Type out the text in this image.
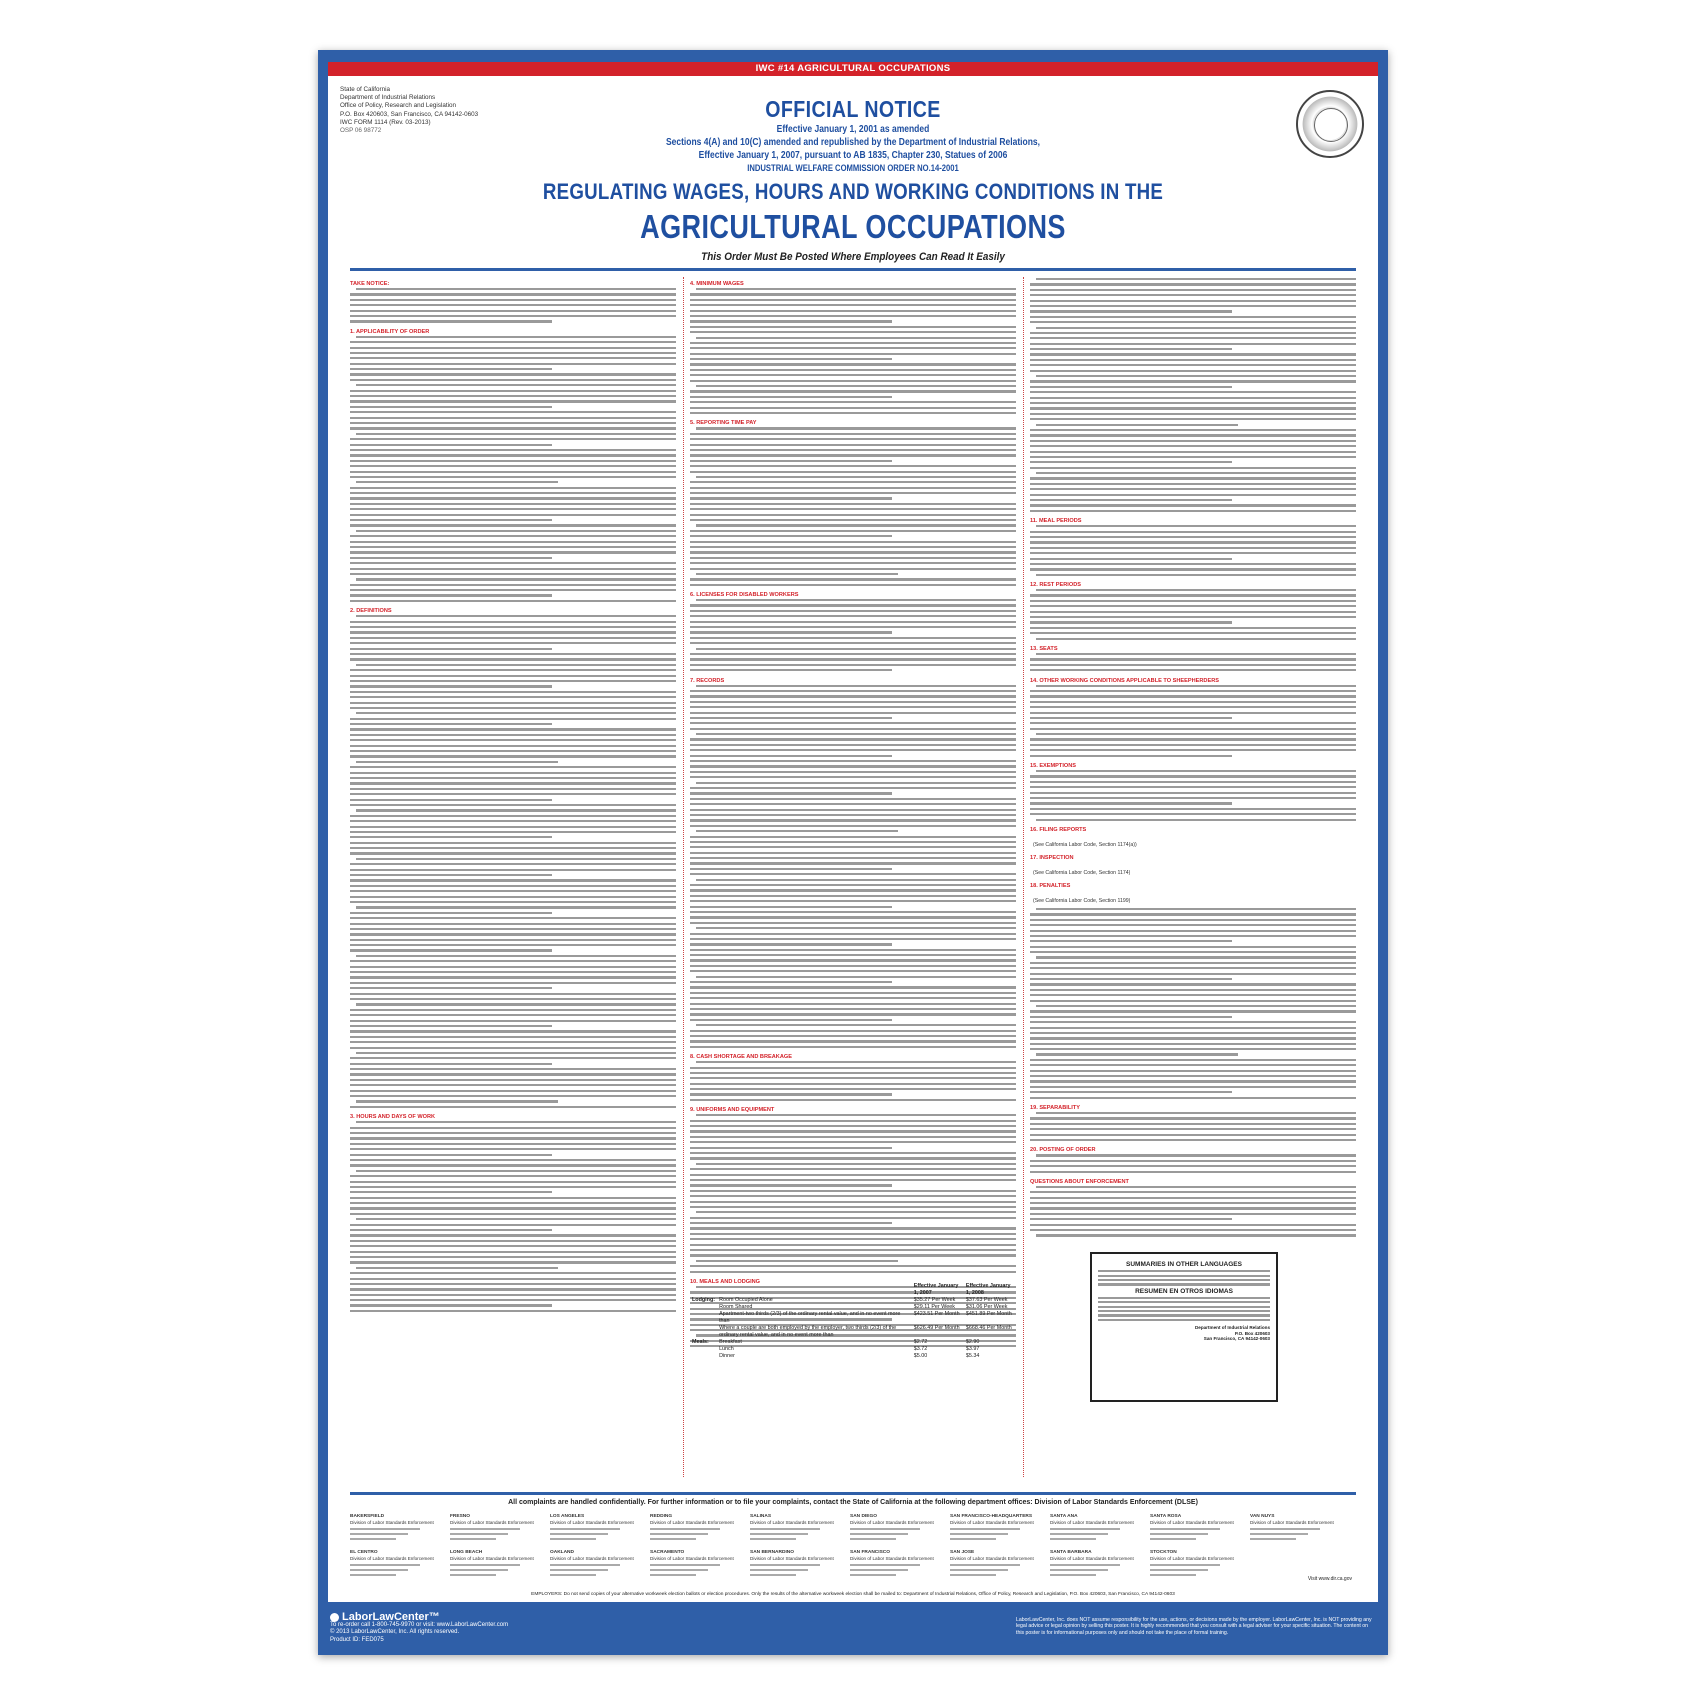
IWC #14 AGRICULTURAL OCCUPATIONS
State of California
Department of Industrial Relations
Office of Policy, Research and Legislation
P.O. Box 420603, San Francisco, CA 94142-0603
IWC FORM 1114 (Rev. 03-2013)
OSP 06 98772
OFFICIAL NOTICE
Effective January 1, 2001 as amended
Sections 4(A) and 10(C) amended and republished by the Department of Industrial Relations,
Effective January 1, 2007, pursuant to AB 1835, Chapter 230, Statues of 2006
INDUSTRIAL WELFARE COMMISSION ORDER NO.14-2001
REGULATING WAGES, HOURS AND WORKING CONDITIONS IN THE
AGRICULTURAL OCCUPATIONS
This Order Must Be Posted Where Employees Can Read It Easily
TAKE NOTICE:
1. APPLICABILITY OF ORDER
2. DEFINITIONS
3. HOURS AND DAYS OF WORK
4. MINIMUM WAGES
5. REPORTING TIME PAY
6. LICENSES FOR DISABLED WORKERS
7. RECORDS
8. CASH SHORTAGE AND BREAKAGE
9. UNIFORMS AND EQUIPMENT
10. MEALS AND LODGING
11. MEAL PERIODS
12. REST PERIODS
13. SEATS
14. OTHER WORKING CONDITIONS APPLICABLE TO SHEEPHERDERS
15. EXEMPTIONS
16. FILING REPORTS
(See California Labor Code, Section 1174(a))
17. INSPECTION
(See California Labor Code, Section 1174)
18. PENALTIES
(See California Labor Code, Section 1199)
19. SEPARABILITY
20. POSTING OF ORDER
QUESTIONS ABOUT ENFORCEMENT
		Effective January 1, 2007	Effective January 1, 2008
Lodging:	Room Occupied Alone	$35.27 Per Week	$37.63 Per Week
	Room Shared	$29.11 Per Week	$31.06 Per Week
	Apartment-two thirds (2/3) of the ordinary rental value, and in no event more than	$423.51 Per Month	$451.89 Per Month
	Where a couple are both employed by the employer, two thirds (2/3) of the ordinary rental value, and in no event more than	$626.49 Per Month	$668.46 Per Month
Meals:	Breakfast	$2.72	$2.90
	Lunch	$3.72	$3.97
	Dinner	$5.00	$5.34
SUMMARIES IN OTHER LANGUAGES
RESUMEN EN OTROS IDIOMAS
Department of Industrial Relations
P.O. Box 420603
San Francisco, CA 94142-0603
All complaints are handled confidentially. For further information or to file your complaints, contact the State of California at the following department offices: Division of Labor Standards Enforcement (DLSE)
Visit www.dir.ca.gov
BAKERSFIELD
Division of Labor Standards Enforcement
FRESNO
Division of Labor Standards Enforcement
LOS ANGELES
Division of Labor Standards Enforcement
REDDING
Division of Labor Standards Enforcement
SALINAS
Division of Labor Standards Enforcement
SAN DIEGO
Division of Labor Standards Enforcement
SAN FRANCISCO-HEADQUARTERS
Division of Labor Standards Enforcement
SANTA ANA
Division of Labor Standards Enforcement
SANTA ROSA
Division of Labor Standards Enforcement
VAN NUYS
Division of Labor Standards Enforcement
EL CENTRO
Division of Labor Standards Enforcement
LONG BEACH
Division of Labor Standards Enforcement
OAKLAND
Division of Labor Standards Enforcement
SACRAMENTO
Division of Labor Standards Enforcement
SAN BERNARDINO
Division of Labor Standards Enforcement
SAN FRANCISCO
Division of Labor Standards Enforcement
SAN JOSE
Division of Labor Standards Enforcement
SANTA BARBARA
Division of Labor Standards Enforcement
STOCKTON
Division of Labor Standards Enforcement
EMPLOYERS: Do not send copies of your alternative workweek election ballots or election procedures. Only the results of the alternative workweek election shall be mailed to: Department of Industrial Relations, Office of Policy, Research and Legislation, P.O. Box 420603, San Francisco, CA 94142-0603
LaborLawCenter™
To re-order call 1-800-745-9970 or visit: www.LaborLawCenter.com
© 2013 LaborLawCenter, Inc. All rights reserved.
Product ID: FED075
LaborLawCenter, Inc. does NOT assume responsibility for the use, actions, or decisions made by the employer. LaborLawCenter, Inc. is NOT providing any legal advice or legal opinion by selling this poster. It is highly recommended that you consult with a legal adviser for your specific situation. The content on this poster is for informational purposes only and should not take the place of formal training.
